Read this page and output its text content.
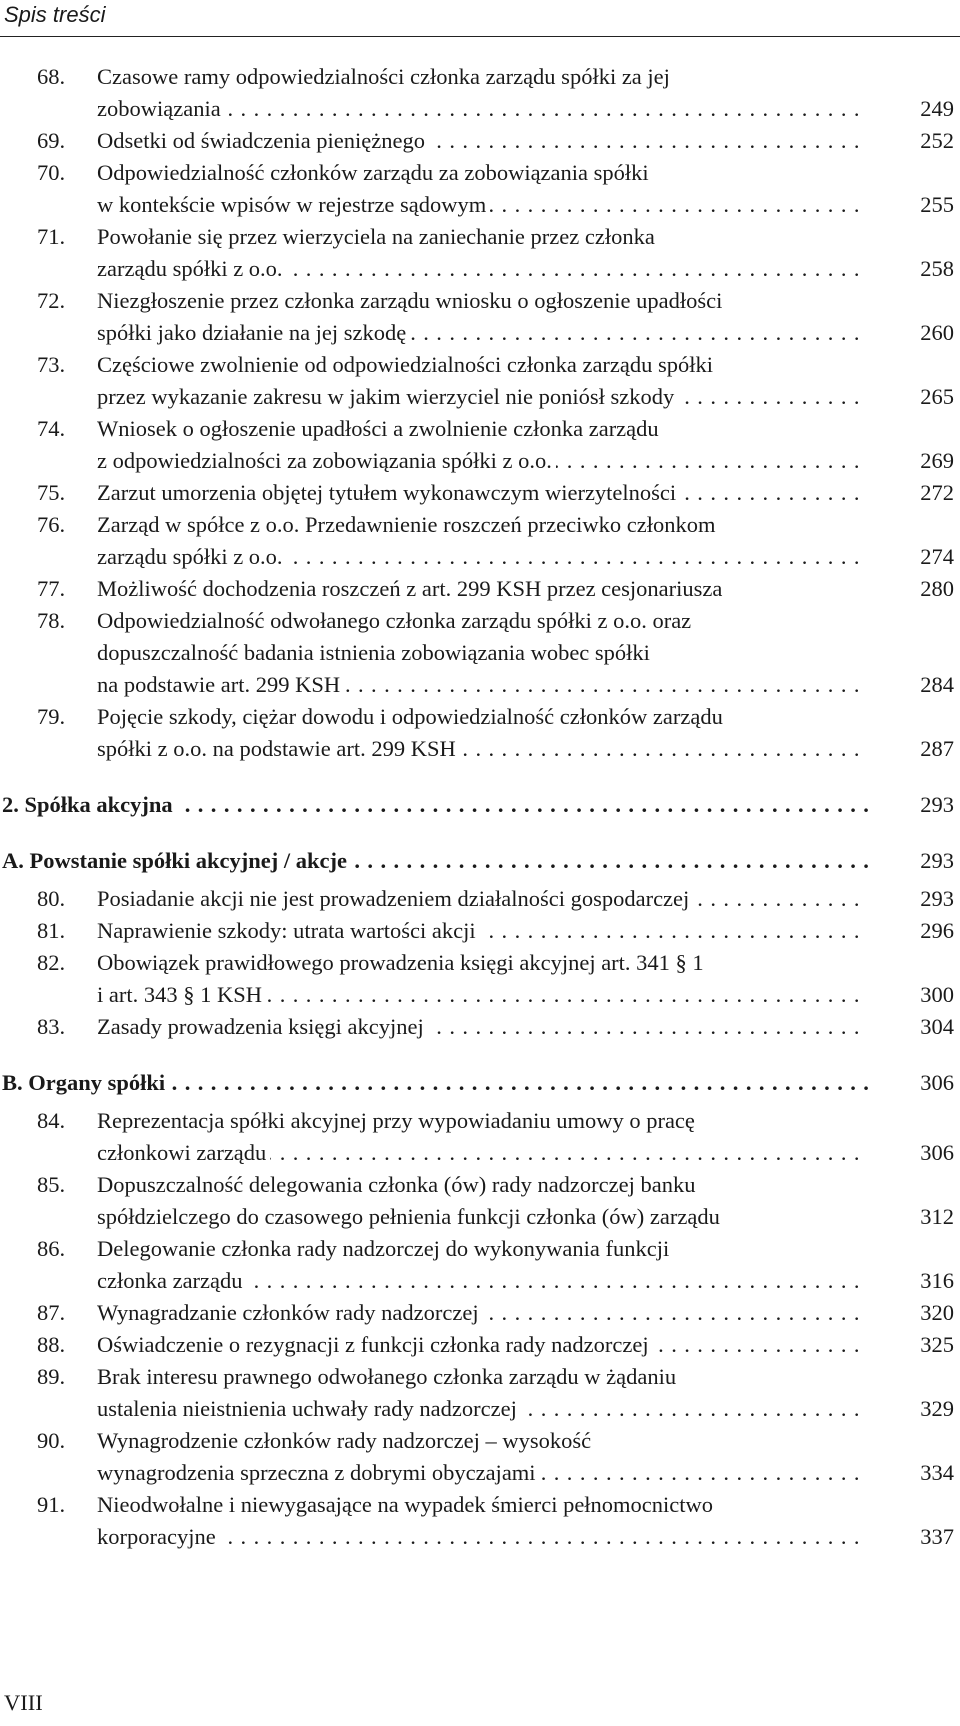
Spis treści
68.	Czasowe ramy odpowiedzialności członka zarządu spółki za jej
zobowiązania . . .	249
69.	Odsetki od świadczenia pieniężnego . . .	252
70.	Odpowiedzialność członków zarządu za zobowiązania spółki
w kontekście wpisów w rejestrze sądowym . . .	255
71.	Powołanie się przez wierzyciela na zaniechanie przez członka
zarządu spółki z o.o. . . .	258
72.	Niezgłoszenie przez członka zarządu wniosku o ogłoszenie upadłości
spółki jako działanie na jej szkodę . . .	260
73.	Częściowe zwolnienie od odpowiedzialności członka zarządu spółki
przez wykazanie zakresu w jakim wierzyciel nie poniósł szkody . . .	265
74.	Wniosek o ogłoszenie upadłości a zwolnienie członka zarządu
z odpowiedzialności za zobowiązania spółki z o.o. . . .	269
75.	Zarzut umorzenia objętej tytułem wykonawczym wierzytelności . . .	272
76.	Zarząd w spółce z o.o. Przedawnienie roszczeń przeciwko członkom
zarządu spółki z o.o. . . .	274
77.	Możliwość dochodzenia roszczeń z art. 299 KSH przez cesjonariusza	280
78.	Odpowiedzialność odwołanego członka zarządu spółki z o.o. oraz
dopuszczalność badania istnienia zobowiązania wobec spółki
na podstawie art. 299 KSH . . .	284
79.	Pojęcie szkody, ciężar dowodu i odpowiedzialność członków zarządu
spółki z o.o. na podstawie art. 299 KSH . . .	287
2. Spółka akcyjna . . .	293
A. Powstanie spółki akcyjnej / akcje . . .	293
80.	Posiadanie akcji nie jest prowadzeniem działalności gospodarczej . . .	293
81.	Naprawienie szkody: utrata wartości akcji . . .	296
82.	Obowiązek prawidłowego prowadzenia księgi akcyjnej art. 341 § 1
i art. 343 § 1 KSH . . .	300
83.	Zasady prowadzenia księgi akcyjnej . . .	304
B. Organy spółki . . .	306
84.	Reprezentacja spółki akcyjnej przy wypowiadaniu umowy o pracę
członkowi zarządu . . .	306
85.	Dopuszczalność delegowania członka (ów) rady nadzorczej banku
spółdzielczego do czasowego pełnienia funkcji członka (ów) zarządu	312
86.	Delegowanie członka rady nadzorczej do wykonywania funkcji
członka zarządu . . .	316
87.	Wynagradzanie członków rady nadzorczej . . .	320
88.	Oświadczenie o rezygnacji z funkcji członka rady nadzorczej . . .	325
89.	Brak interesu prawnego odwołanego członka zarządu w żądaniu
ustalenia nieistnienia uchwały rady nadzorczej . . .	329
90.	Wynagrodzenie członków rady nadzorczej – wysokość
wynagrodzenia sprzeczna z dobrymi obyczajami . . .	334
91.	Nieodwołalne i niewygasające na wypadek śmierci pełnomocnictwo
korporacyjne . . .	337
VIII
